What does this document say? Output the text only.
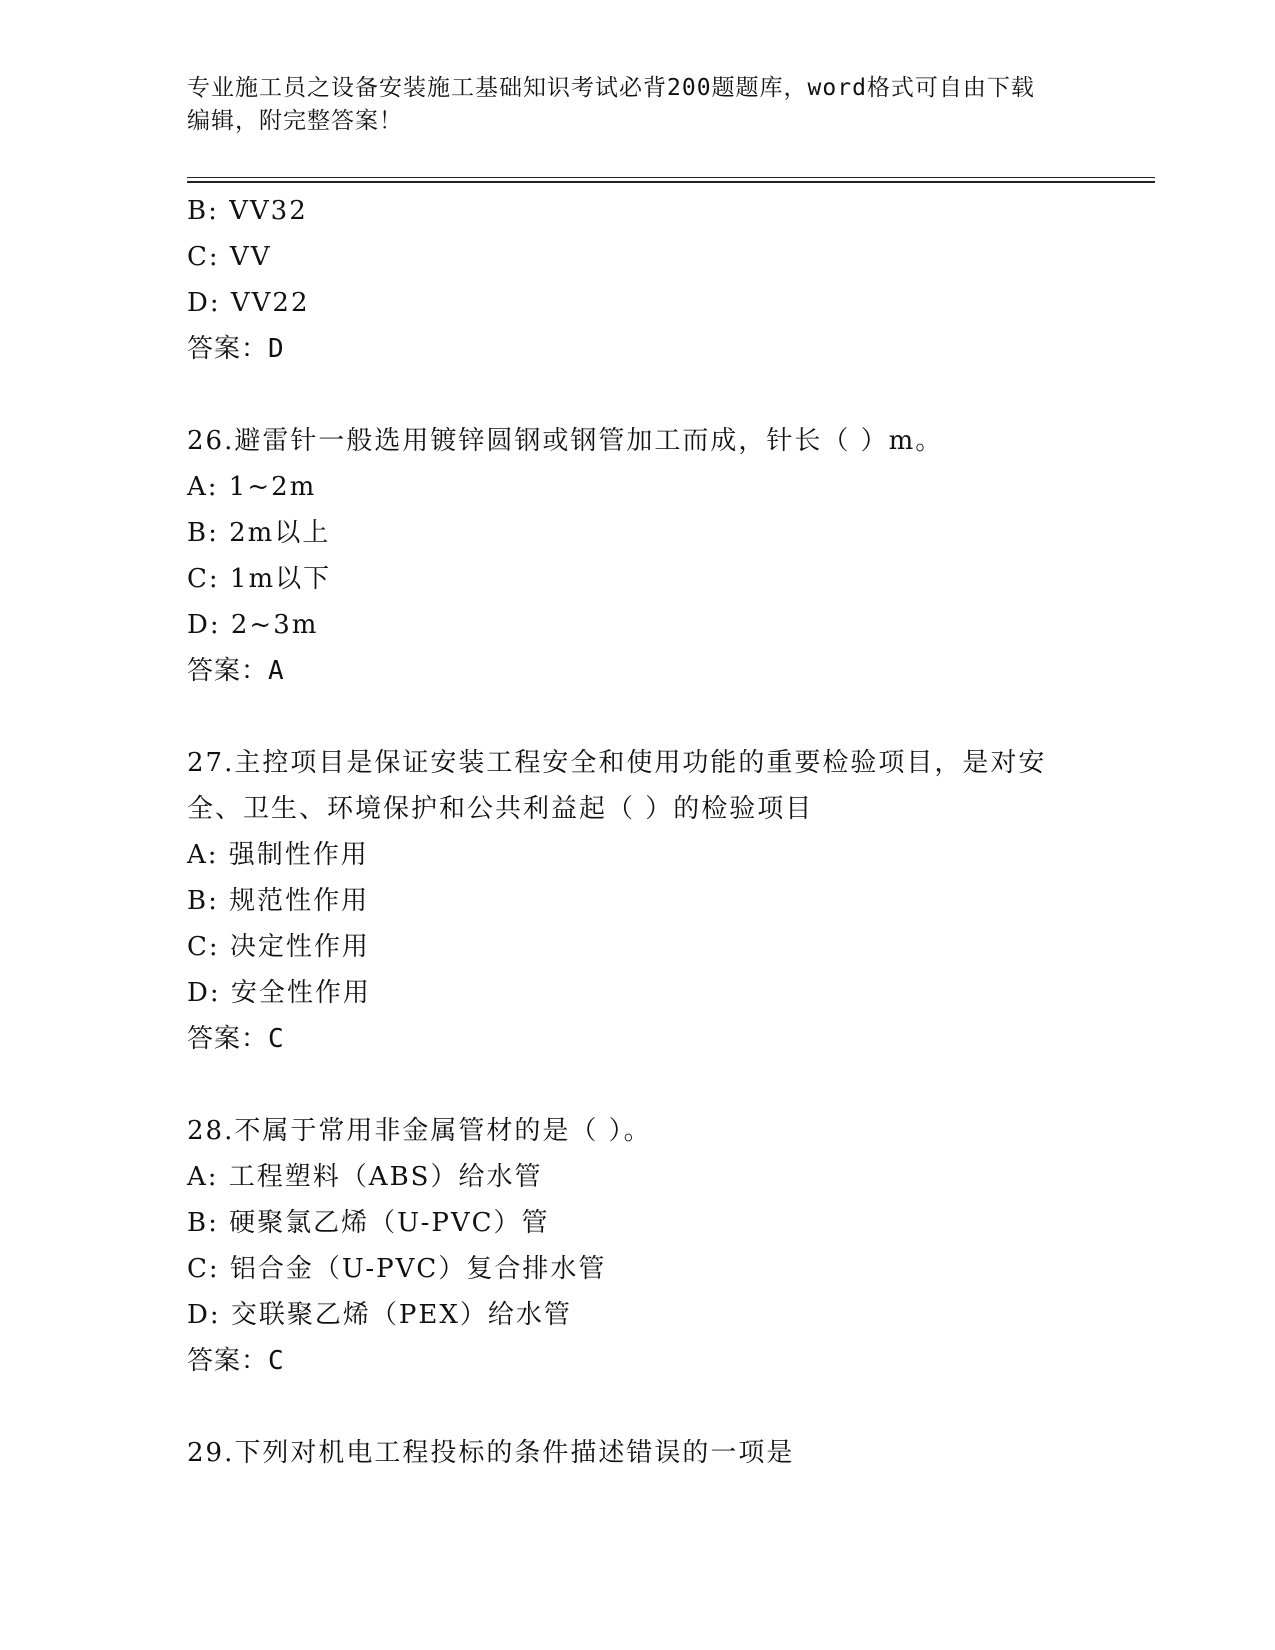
专业施工员之设备安装施工基础知识考试必背200题题库，word格式可自由下载
编辑，附完整答案！
B: VV32
C: VV
D: VV22
答案：D
26.避雷针一般选用镀锌圆钢或钢管加工而成，针长（ ）m。
A: 1~2m
B: 2m以上
C: 1m以下
D: 2~3m
答案：A
27.主控项目是保证安装工程安全和使用功能的重要检验项目，是对安
全、卫生、环境保护和公共利益起（ ）的检验项目
A: 强制性作用
B: 规范性作用
C: 决定性作用
D: 安全性作用
答案：C
28.不属于常用非金属管材的是（ ）。
A: 工程塑料（ABS）给水管
B: 硬聚氯乙烯（U-PVC）管
C: 铝合金（U-PVC）复合排水管
D: 交联聚乙烯（PEX）给水管
答案：C
29.下列对机电工程投标的条件描述错误的一项是
